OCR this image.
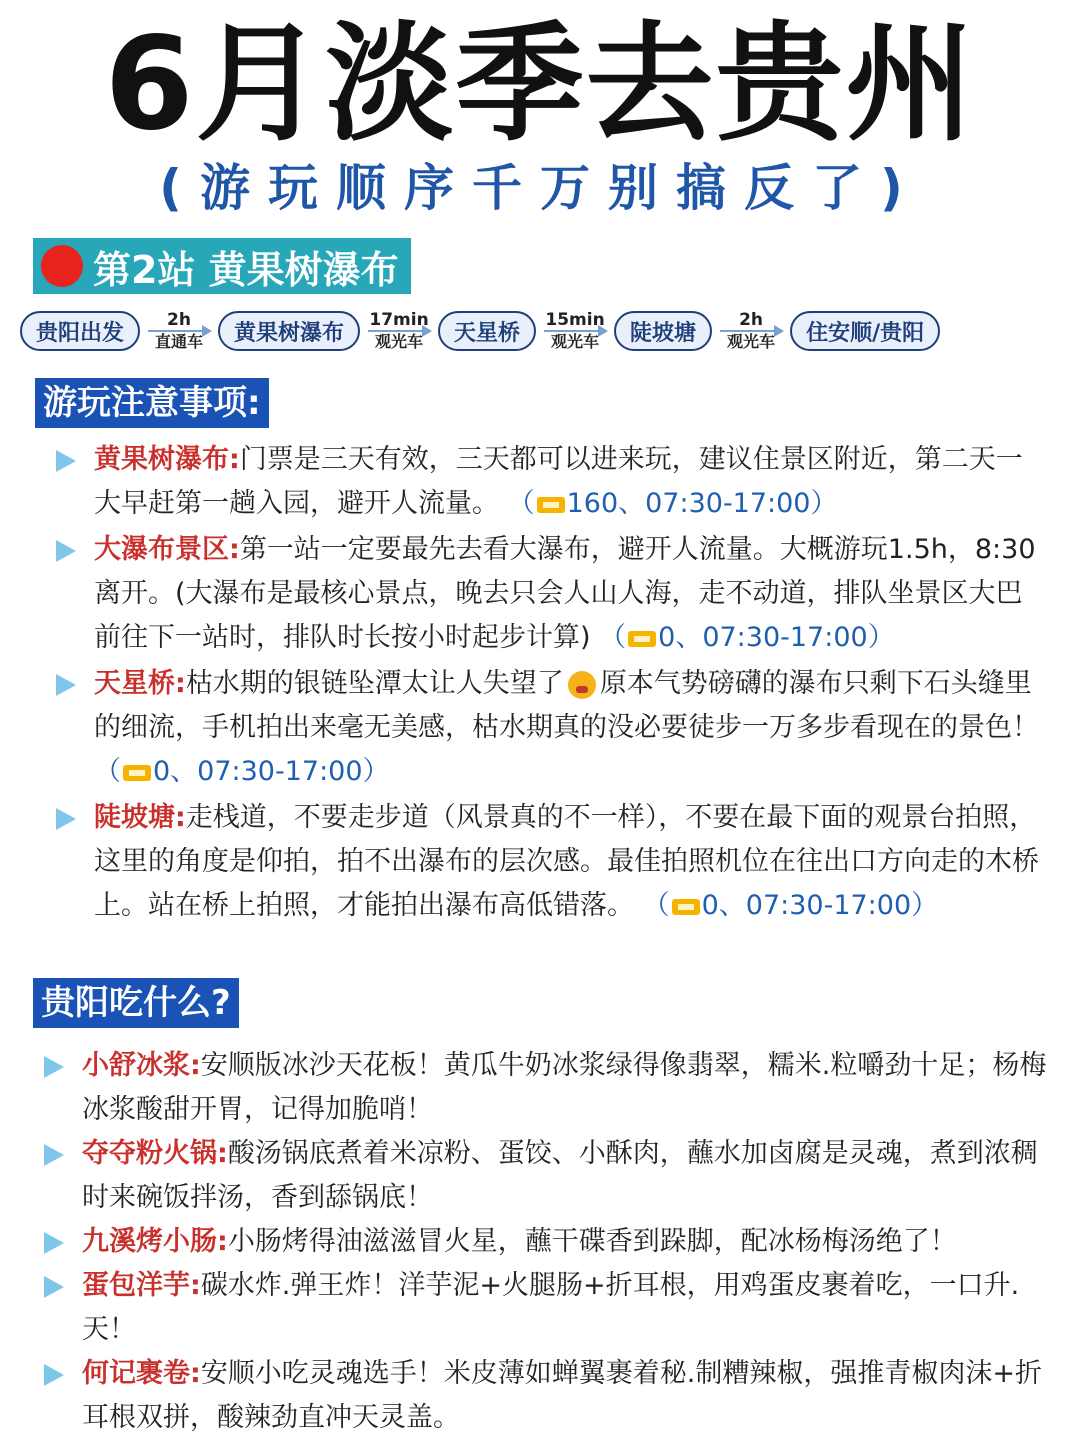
6月淡季去贵州
(游玩顺序千万别搞反了)
第2站 黄果树瀑布
贵阳出发
2h
直通车	黄果树瀑布
17min
观光车	天星桥
15min
观光车	陡坡塘
2h
观光车	住安顺/贵阳
游玩注意事项:
黄果树瀑布:门票是三天有效，三天都可以进来玩，建议住景区附近，第二天一大早赶第一趟入园，避开人流量。 （ 160、07:30-17:00）
大瀑布景区:第一站一定要最先去看大瀑布，避开人流量。大概游玩1.5h，8:30离开。(大瀑布是最核心景点，晚去只会人山人海，走不动道，排队坐景区大巴前往下一站时，排队时长按小时起步计算) （ 0、07:30-17:00）
天星桥:枯水期的银链坠潭太让人失望了 原本气势磅礴的瀑布只剩下石头缝里的细流，手机拍出来毫无美感，枯水期真的没必要徒步一万多步看现在的景色！ （ 0、07:30-17:00）
陡坡塘:走栈道，不要走步道（风景真的不一样），不要在最下面的观景台拍照，这里的角度是仰拍，拍不出瀑布的层次感。最佳拍照机位在往出口方向走的木桥上。站在桥上拍照，才能拍出瀑布高低错落。 （ 0、07:30-17:00）
贵阳吃什么?
小舒冰浆:安顺版冰沙天花板！黄瓜牛奶冰浆绿得像翡翠，糯米.粒嚼劲十足；杨梅冰浆酸甜开胃，记得加脆哨！
夺夺粉火锅:酸汤锅底煮着米凉粉、蛋饺、小酥肉，蘸水加卤腐是灵魂，煮到浓稠时来碗饭拌汤，香到舔锅底！
九溪烤小肠:小肠烤得油滋滋冒火星，蘸干碟香到跺脚，配冰杨梅汤绝了！
蛋包洋芋:碳水炸.弹王炸！洋芋泥+火腿肠+折耳根，用鸡蛋皮裹着吃，一口升.天！
何记裹卷:安顺小吃灵魂选手！米皮薄如蝉翼裹着秘.制糟辣椒，强推青椒肉沫+折耳根双拼，酸辣劲直冲天灵盖。
